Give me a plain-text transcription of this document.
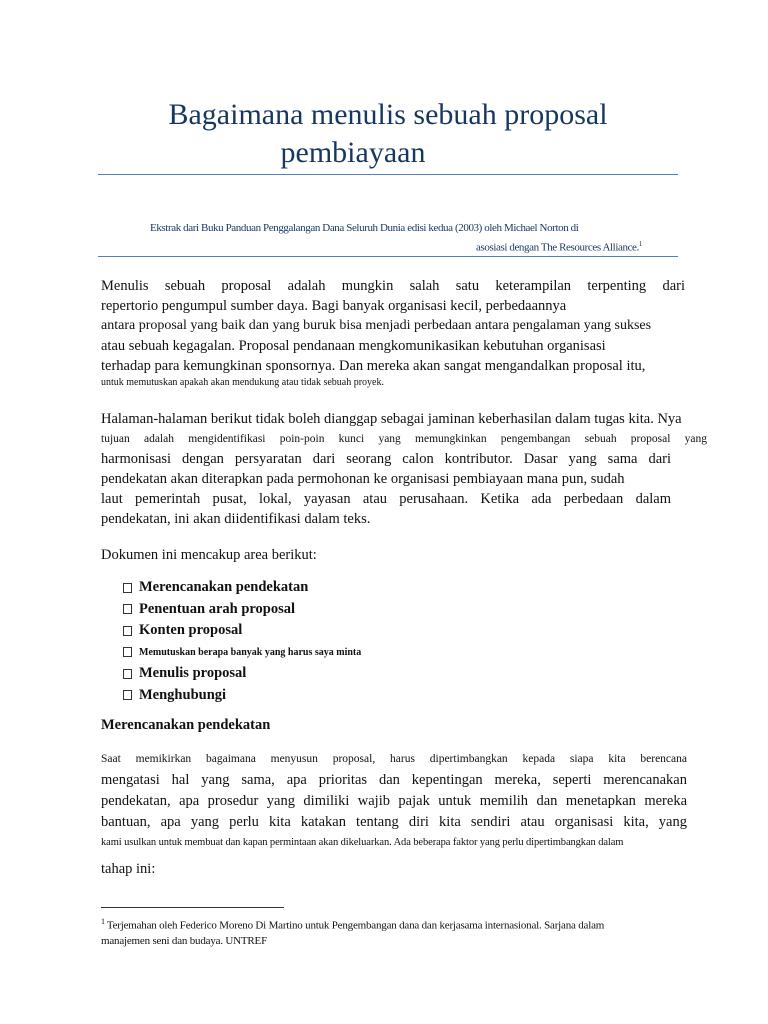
Bagaimana menulis sebuah proposal
pembiayaan
Ekstrak dari Buku Panduan Penggalangan Dana Seluruh Dunia edisi kedua (2003) oleh Michael Norton di
asosiasi dengan The Resources Alliance.$^1$
Menulis sebuah proposal adalah mungkin salah satu keterampilan terpenting dari
repertorio pengumpul sumber daya. Bagi banyak organisasi kecil, perbedaannya
antara proposal yang baik dan yang buruk bisa menjadi perbedaan antara pengalaman yang sukses
atau sebuah kegagalan. Proposal pendanaan mengkomunikasikan kebutuhan organisasi
terhadap para kemungkinan sponsornya. Dan mereka akan sangat mengandalkan proposal itu,
untuk memutuskan apakah akan mendukung atau tidak sebuah proyek.
Halaman-halaman berikut tidak boleh dianggap sebagai jaminan keberhasilan dalam tugas kita. Nya
tujuan adalah mengidentifikasi poin-poin kunci yang memungkinkan pengembangan sebuah proposal yang
harmonisasi dengan persyaratan dari seorang calon kontributor. Dasar yang sama dari
pendekatan akan diterapkan pada permohonan ke organisasi pembiayaan mana pun, sudah
laut pemerintah pusat, lokal, yayasan atau perusahaan. Ketika ada perbedaan dalam
pendekatan, ini akan diidentifikasi dalam teks.
Dokumen ini mencakup area berikut:
Merencanakan pendekatan
Penentuan arah proposal
Konten proposal
Memutuskan berapa banyak yang harus saya minta
Menulis proposal
Menghubungi
Merencanakan pendekatan
Saat memikirkan bagaimana menyusun proposal, harus dipertimbangkan kepada siapa kita berencana
mengatasi hal yang sama, apa prioritas dan kepentingan mereka, seperti merencanakan
pendekatan, apa prosedur yang dimiliki wajib pajak untuk memilih dan menetapkan mereka
bantuan, apa yang perlu kita katakan tentang diri kita sendiri atau organisasi kita, yang
kami usulkan untuk membuat dan kapan permintaan akan dikeluarkan. Ada beberapa faktor yang perlu dipertimbangkan dalam
tahap ini:
$^1$ Terjemahan oleh Federico Moreno Di Martino untuk Pengembangan dana dan kerjasama internasional. Sarjana dalam
manajemen seni dan budaya. UNTREF
